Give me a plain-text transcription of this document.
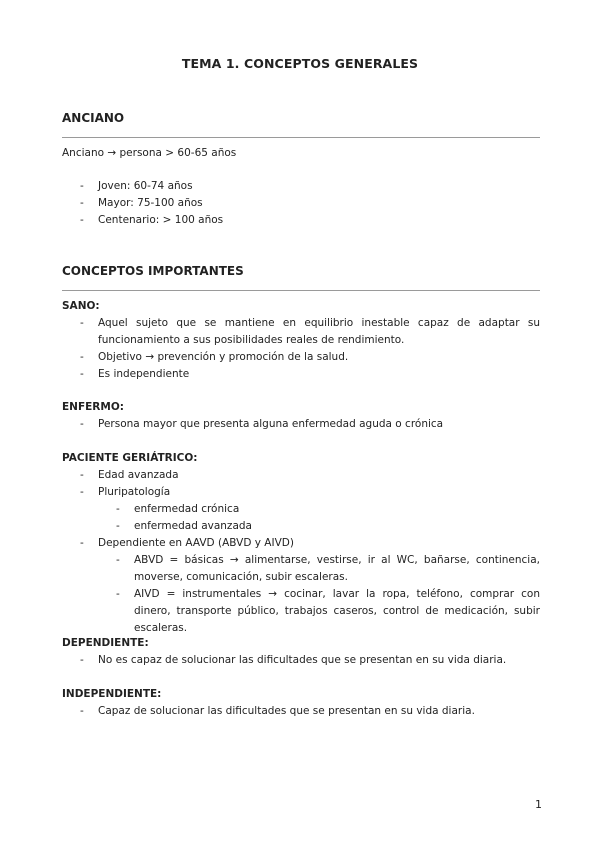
TEMA 1. CONCEPTOS GENERALES
ANCIANO

Anciano → persona > 60-65 años

- Joven: 60-74 años

- Mayor: 75-100 años

- Centenario: > 100 años

CONCEPTOS IMPORTANTES

SANO:

- Aquel sujeto que se mantiene en equilibrio inestable capaz de adaptar su funcionamiento a sus posibilidades reales de rendimiento.

- Objetivo → prevención y promoción de la salud.

- Es independiente

ENFERMO:

- Persona mayor que presenta alguna enfermedad aguda o crónica

PACIENTE GERIÁTRICO:

- Edad avanzada

- Pluripatología

- enfermedad crónica

- enfermedad avanzada

- Dependiente en AAVD (ABVD y AIVD)

- ABVD = básicas → alimentarse, vestirse, ir al WC, bañarse, continencia, moverse, comunicación, subir escaleras.

- AIVD = instrumentales → cocinar, lavar la ropa, teléfono, comprar con dinero, transporte público, trabajos caseros, control de medicación, subir escaleras.

DEPENDIENTE:

- No es capaz de solucionar las dificultades que se presentan en su vida diaria.

INDEPENDIENTE:

- Capaz de solucionar las dificultades que se presentan en su vida diaria.

1
